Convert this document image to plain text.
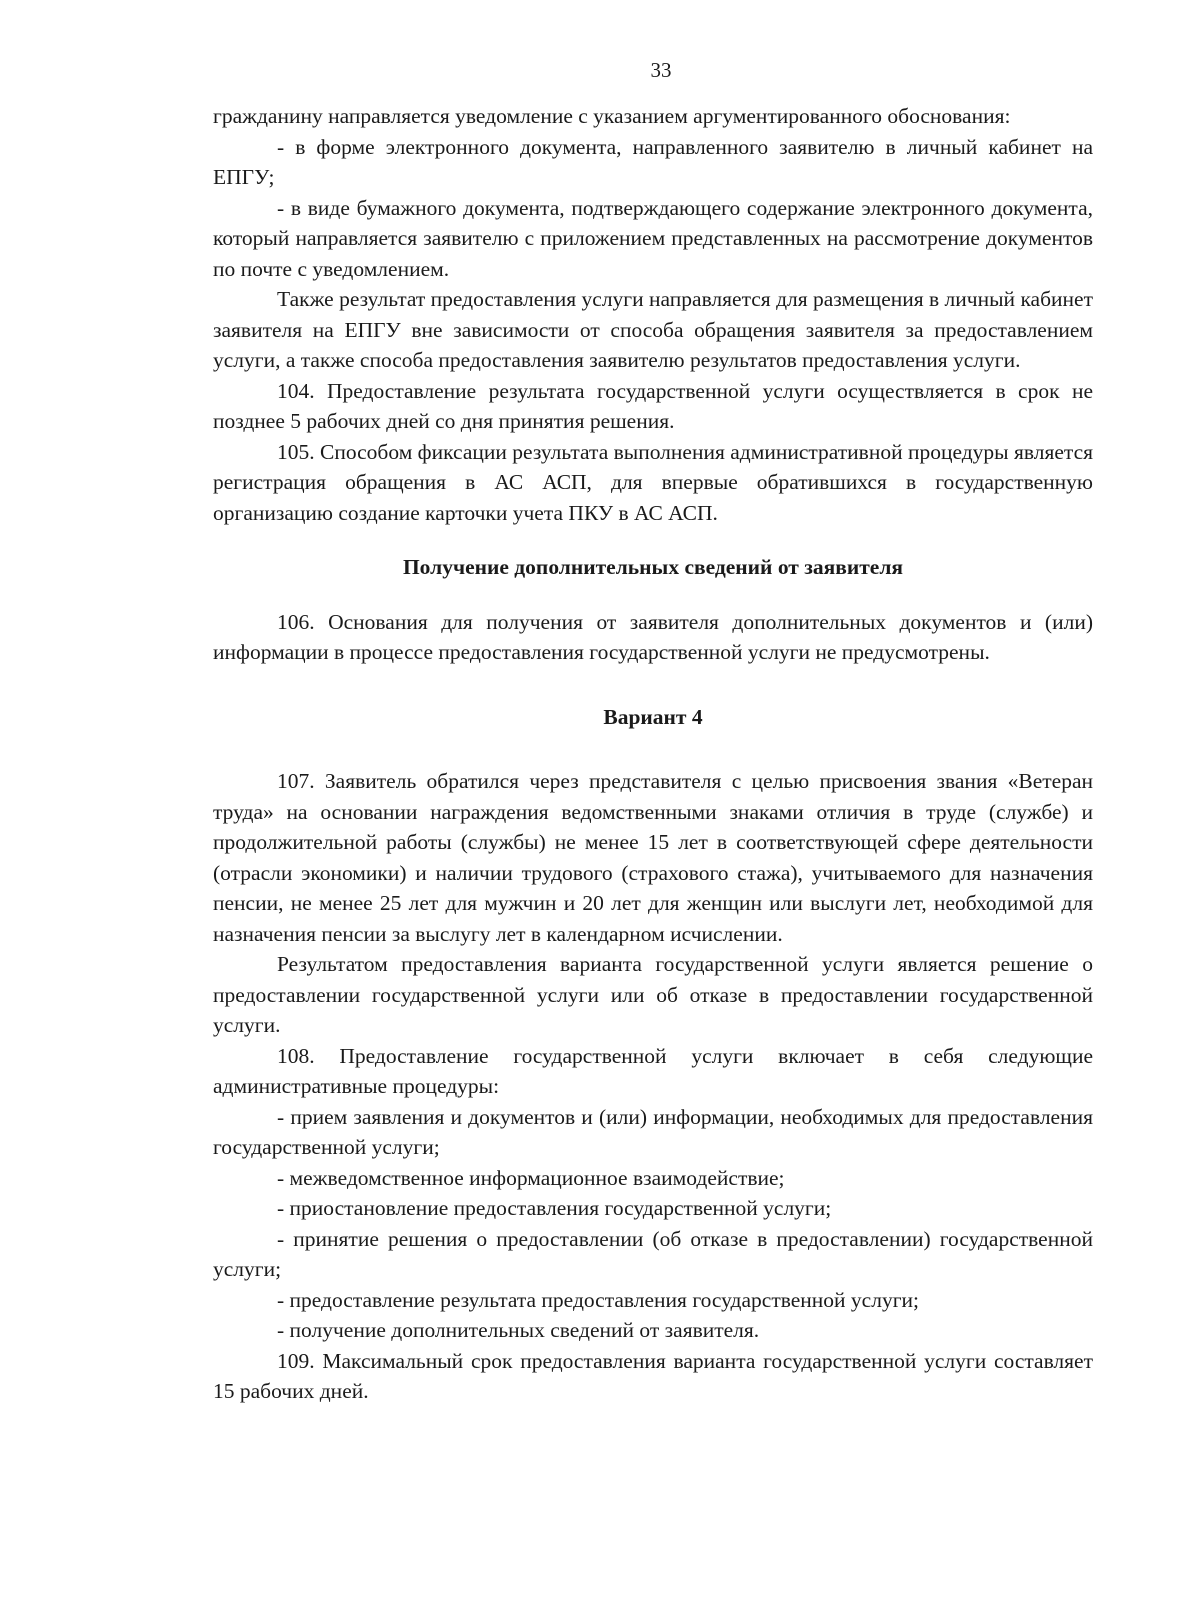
33

гражданину направляется уведомление с указанием аргументированного обоснования:

- в форме электронного документа, направленного заявителю в личный кабинет на ЕПГУ;

- в виде бумажного документа, подтверждающего содержание электронного документа, который направляется заявителю с приложением представленных на рассмотрение документов по почте с уведомлением.

Также результат предоставления услуги направляется для размещения в личный кабинет заявителя на ЕПГУ вне зависимости от способа обращения заявителя за предоставлением услуги, а также способа предоставления заявителю результатов предоставления услуги.

104. Предоставление результата государственной услуги осуществляется в срок не позднее 5 рабочих дней со дня принятия решения.

105. Способом фиксации результата выполнения административной процедуры является регистрация обращения в АС АСП, для впервые обратившихся в государственную организацию создание карточки учета ПКУ в АС АСП.

Получение дополнительных сведений от заявителя

106. Основания для получения от заявителя дополнительных документов и (или) информации в процессе предоставления государственной услуги не предусмотрены.

Вариант 4

107. Заявитель обратился через представителя с целью присвоения звания «Ветеран труда» на основании награждения ведомственными знаками отличия в труде (службе) и продолжительной работы (службы) не менее 15 лет в соответствующей сфере деятельности (отрасли экономики) и наличии трудового (страхового стажа), учитываемого для назначения пенсии, не менее 25 лет для мужчин и 20 лет для женщин или выслуги лет, необходимой для назначения пенсии за выслугу лет в календарном исчислении.

Результатом предоставления варианта государственной услуги является решение о предоставлении государственной услуги или об отказе в предоставлении государственной услуги.

108. Предоставление государственной услуги включает в себя следующие административные процедуры:

- прием заявления и документов и (или) информации, необходимых для предоставления государственной услуги;

- межведомственное информационное взаимодействие;

- приостановление предоставления государственной услуги;

- принятие решения о предоставлении (об отказе в предоставлении) государственной услуги;

- предоставление результата предоставления государственной услуги;

- получение дополнительных сведений от заявителя.

109. Максимальный срок предоставления варианта государственной услуги составляет 15 рабочих дней.
